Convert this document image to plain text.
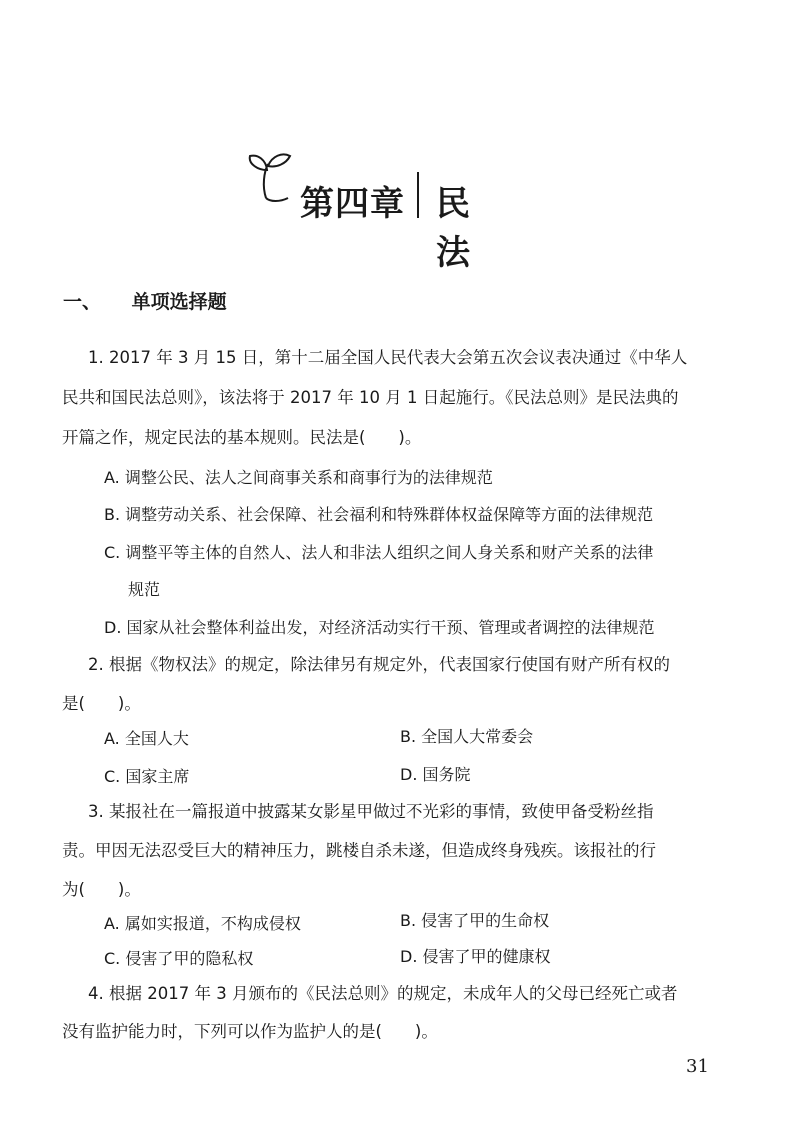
第四章 民 法
一、 单项选择题
1. 2017 年 3 月 15 日，第十二届全国人民代表大会第五次会议表决通过《中华人
民共和国民法总则》，该法将于 2017 年 10 月 1 日起施行。《民法总则》是民法典的
开篇之作，规定民法的基本规则。民法是(　　)。
A. 调整公民、法人之间商事关系和商事行为的法律规范
B. 调整劳动关系、社会保障、社会福利和特殊群体权益保障等方面的法律规范
C. 调整平等主体的自然人、法人和非法人组织之间人身关系和财产关系的法律
规范
D. 国家从社会整体利益出发，对经济活动实行干预、管理或者调控的法律规范
2. 根据《物权法》的规定，除法律另有规定外，代表国家行使国有财产所有权的
是(　　)。
A. 全国人大	B. 全国人大常委会
C. 国家主席	D. 国务院
3. 某报社在一篇报道中披露某女影星甲做过不光彩的事情，致使甲备受粉丝指
责。甲因无法忍受巨大的精神压力，跳楼自杀未遂，但造成终身残疾。该报社的行
为(　　)。
A. 属如实报道，不构成侵权	B. 侵害了甲的生命权
C. 侵害了甲的隐私权	D. 侵害了甲的健康权
4. 根据 2017 年 3 月颁布的《民法总则》的规定，未成年人的父母已经死亡或者
没有监护能力时，下列可以作为监护人的是(　　)。
31
